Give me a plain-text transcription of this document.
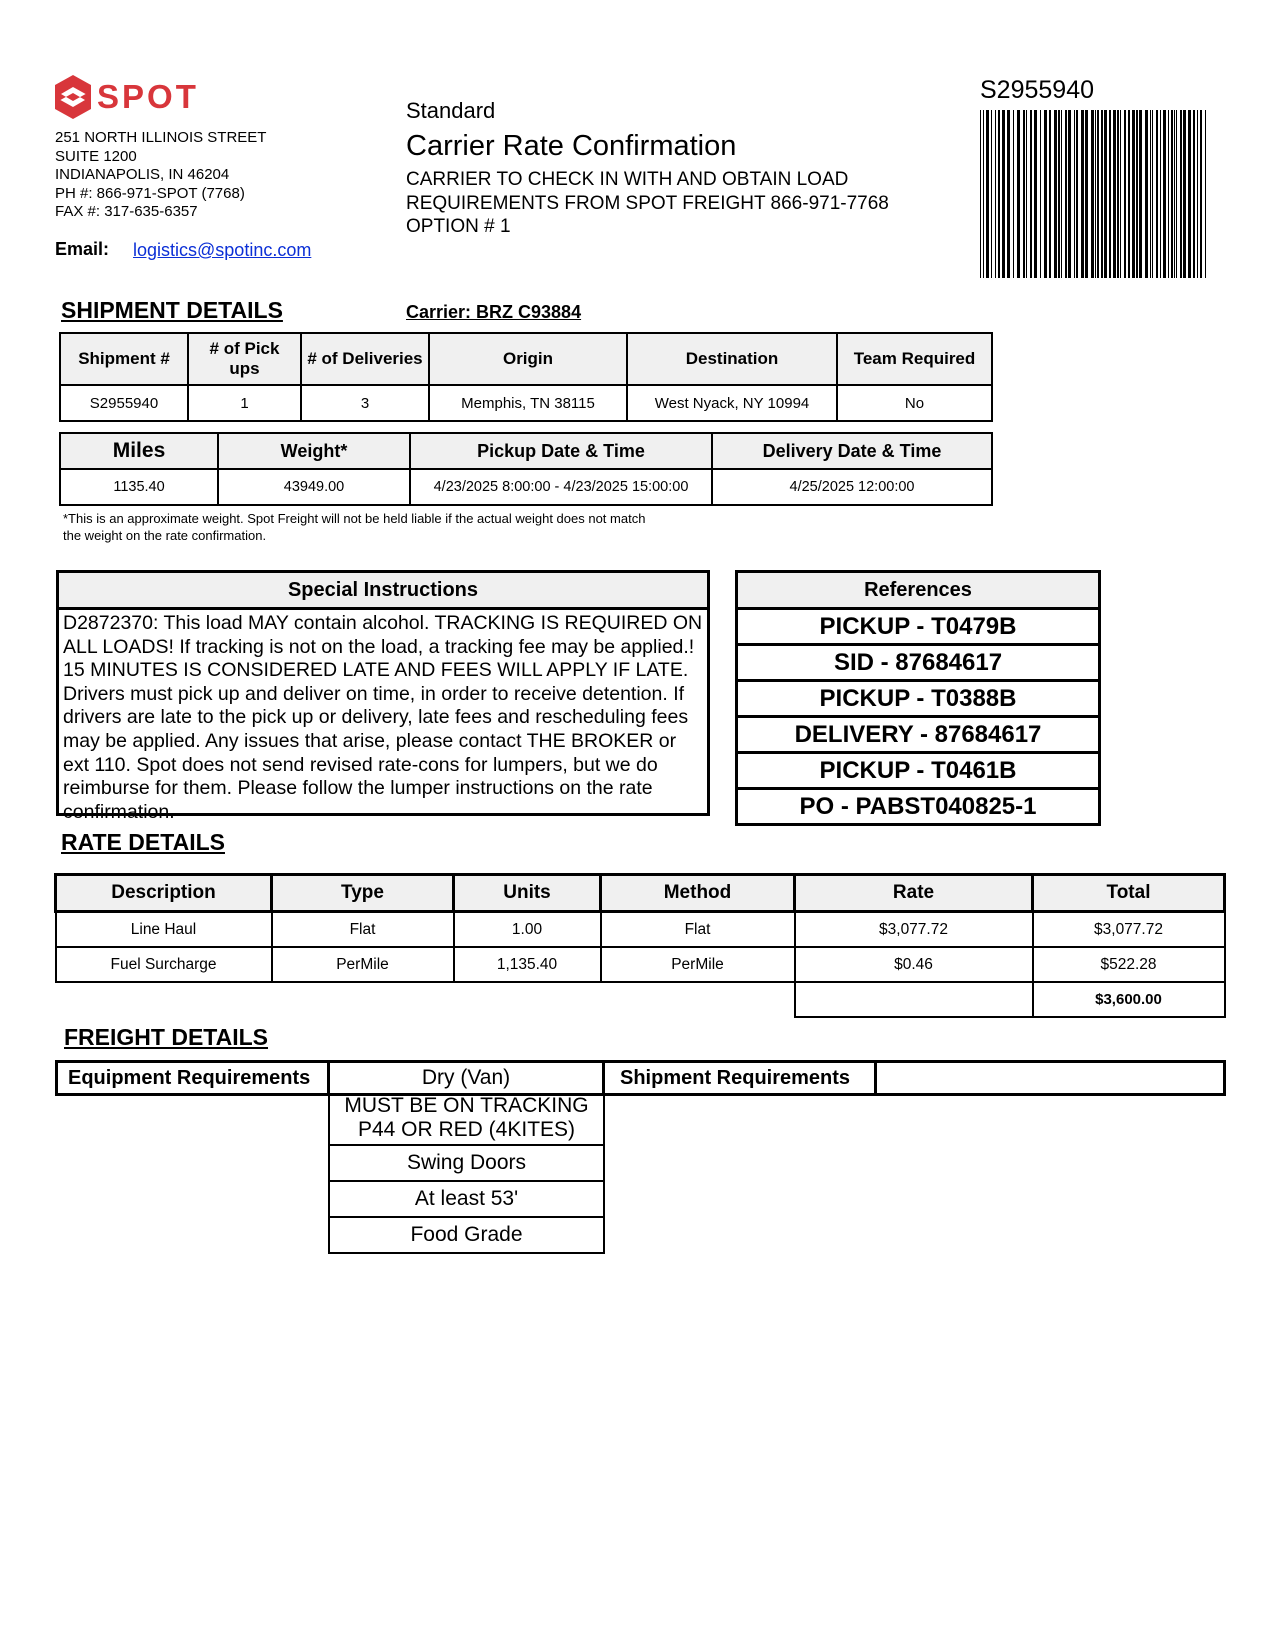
SPOT
251 NORTH ILLINOIS STREET
SUITE 1200
INDIANAPOLIS, IN 46204
PH #: 866-971-SPOT (7768)
FAX #: 317-635-6357
Email: logistics@spotinc.com
Standard
Carrier Rate Confirmation
CARRIER TO CHECK IN WITH AND OBTAIN LOAD REQUIREMENTS FROM SPOT FREIGHT 866-971-7768 OPTION # 1
S2955940
SHIPMENT DETAILS	Carrier: BRZ C93884
Shipment #	# of Pick ups	# of Deliveries	Origin	Destination	Team Required
S2955940	1	3	Memphis, TN 38115	West Nyack, NY 10994	No
Miles	Weight*	Pickup Date & Time	Delivery Date & Time
1135.40	43949.00	4/23/2025 8:00:00 - 4/23/2025 15:00:00	4/25/2025 12:00:00
*This is an approximate weight. Spot Freight will not be held liable if the actual weight does not match the weight on the rate confirmation.
Special Instructions
D2872370: This load MAY contain alcohol. TRACKING IS REQUIRED ON ALL LOADS! If tracking is not on the load, a tracking fee may be applied.! 15 MINUTES IS CONSIDERED LATE AND FEES WILL APPLY IF LATE. Drivers must pick up and deliver on time, in order to receive detention. If drivers are late to the pick up or delivery, late fees and rescheduling fees may be applied. Any issues that arise, please contact THE BROKER or ext 110. Spot does not send revised rate-cons for lumpers, but we do reimburse for them. Please follow the lumper instructions on the rate confirmation.
References
PICKUP - T0479B
SID - 87684617
PICKUP - T0388B
DELIVERY - 87684617
PICKUP - T0461B
PO - PABST040825-1
RATE DETAILS
Description	Type	Units	Method	Rate	Total
Line Haul	Flat	1.00	Flat	$3,077.72	$3,077.72
Fuel Surcharge	PerMile	1,135.40	PerMile	$0.46	$522.28
					$3,600.00
FREIGHT DETAILS
Equipment Requirements	Dry (Van)	Shipment Requirements
MUST BE ON TRACKING P44 OR RED (4KITES)
Swing Doors
At least 53'
Food Grade
